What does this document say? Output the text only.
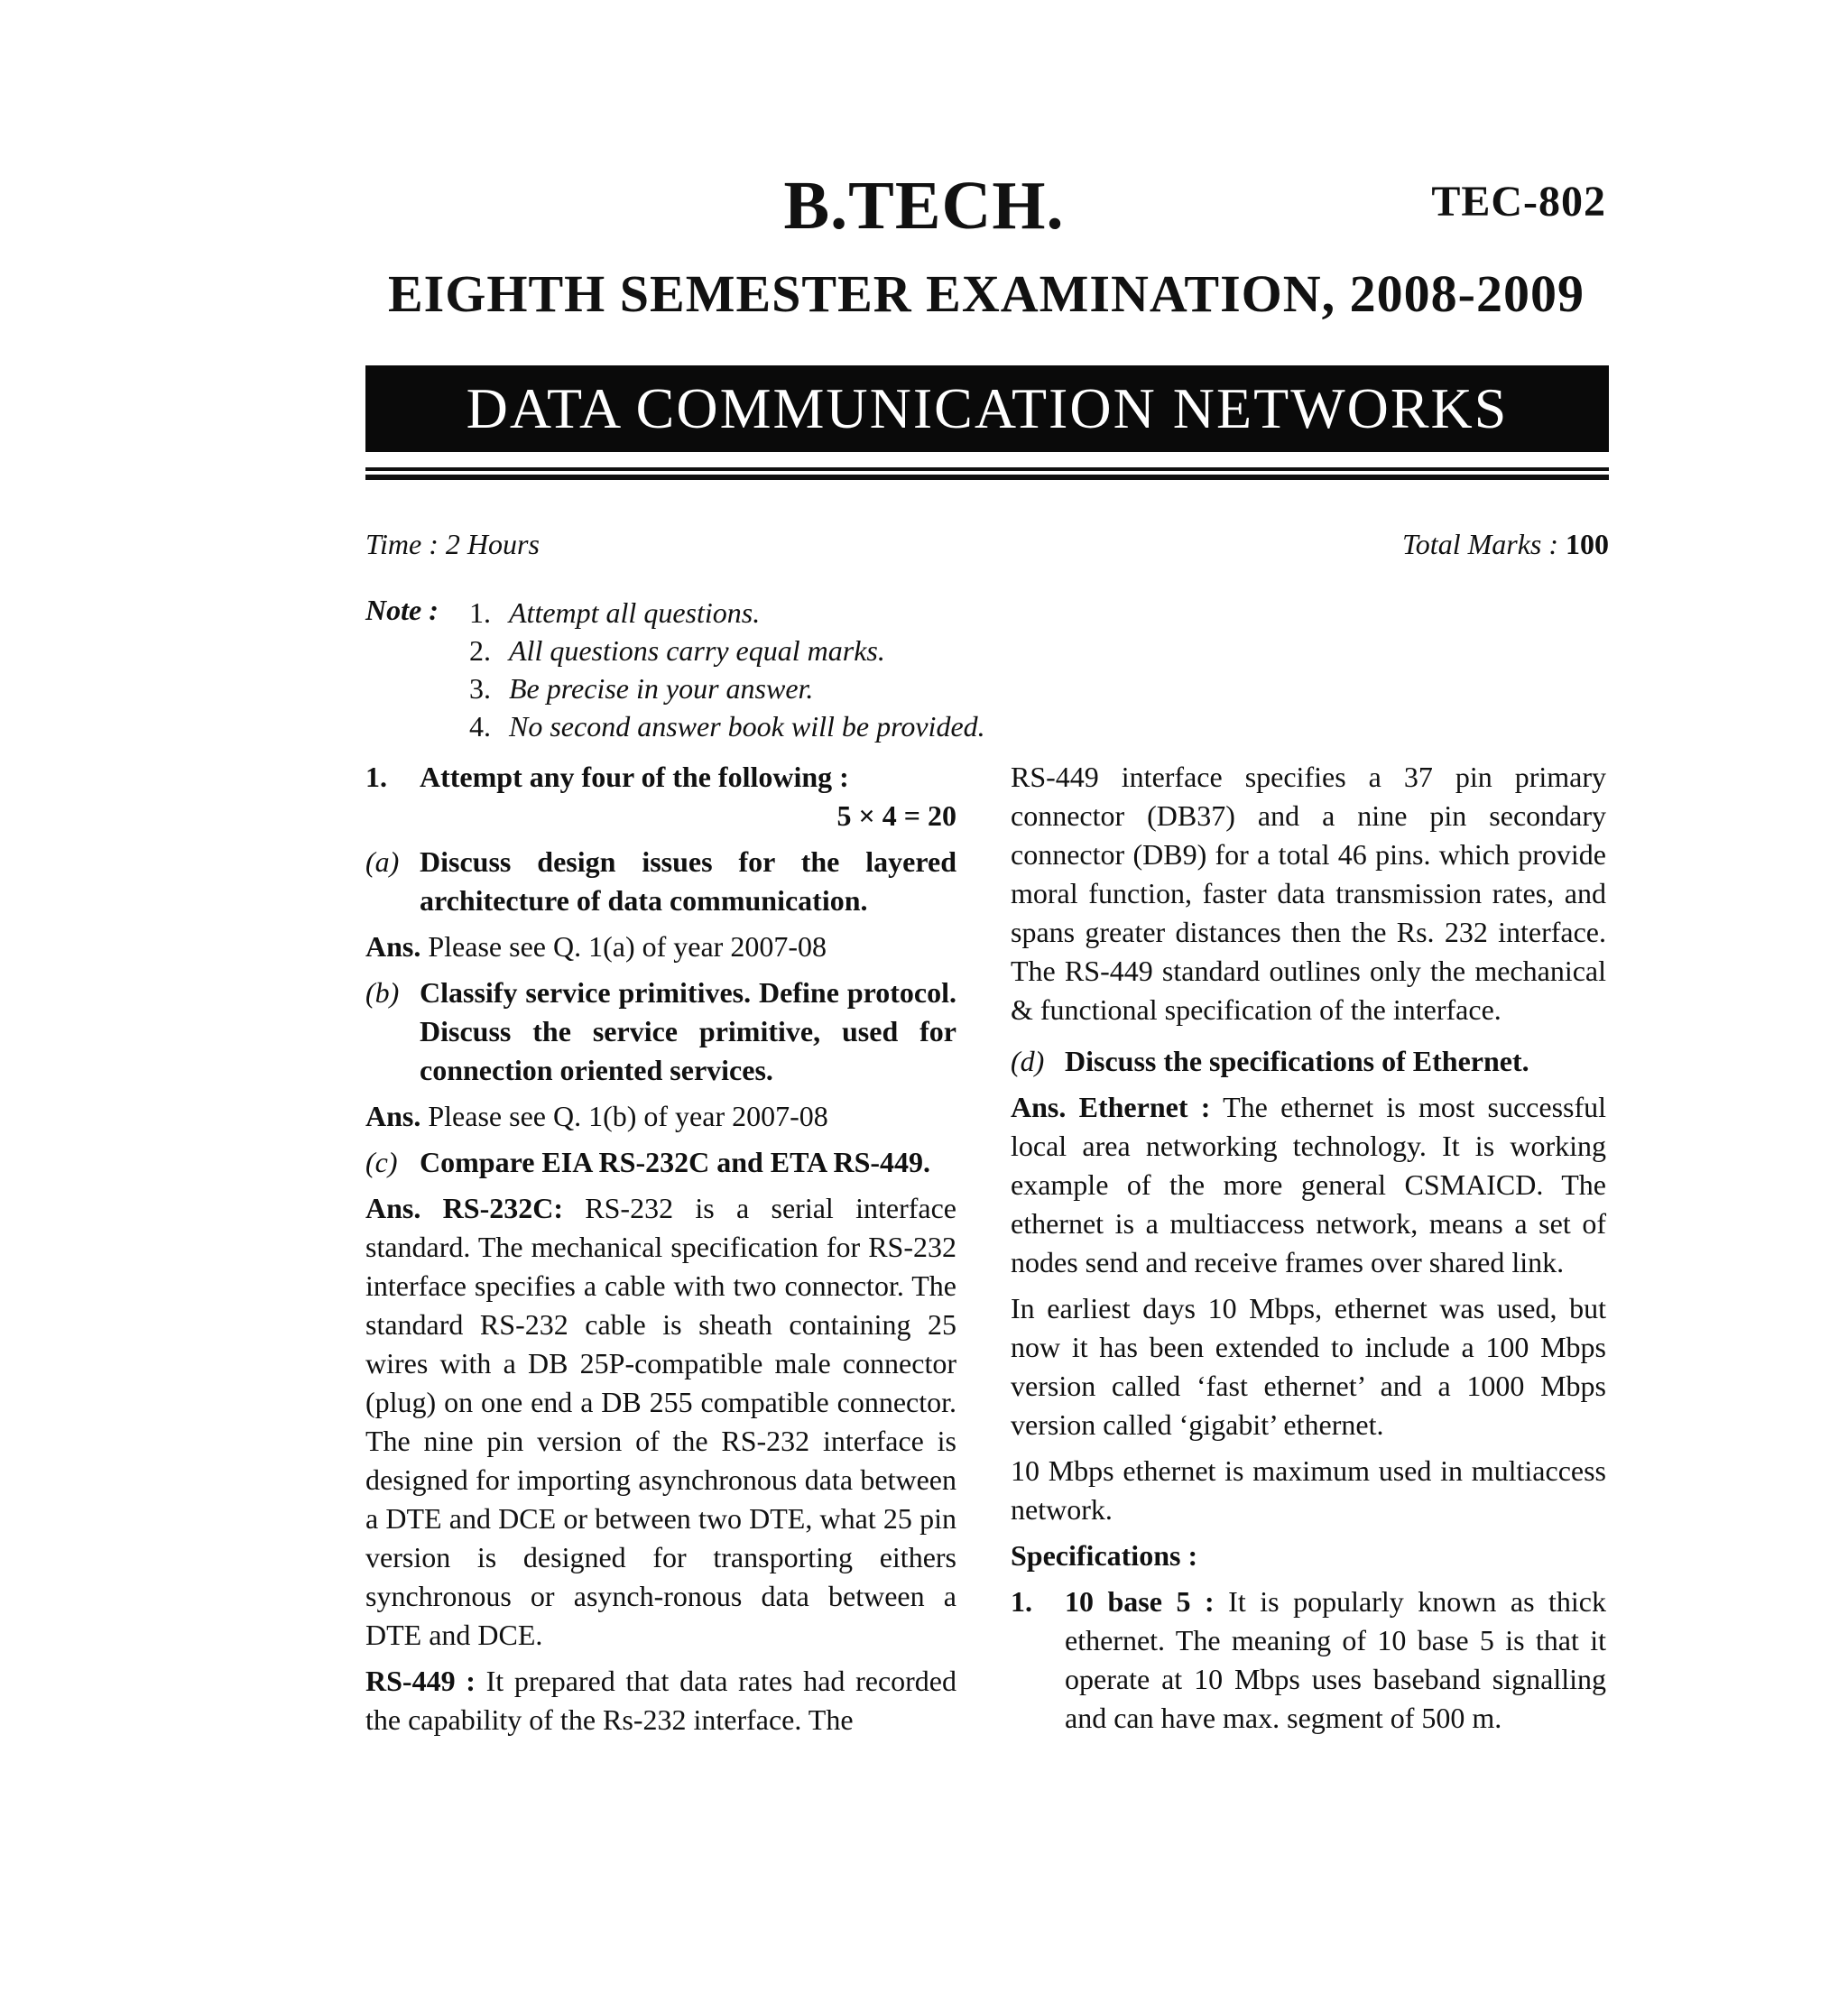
B.TECH.	TEC-802
EIGHTH SEMESTER EXAMINATION, 2008-2009
DATA COMMUNICATION NETWORKS
Time : 2 Hours	Total Marks : 100
Note : 1. Attempt all questions.
2. All questions carry equal marks.
3. Be precise in your answer.
4. No second answer book will be provided.
1.	Attempt any four of the following :
5 × 4 = 20
(a) Discuss design issues for the layered architecture of data communication.
Ans. Please see Q. 1(a) of year 2007-08
(b) Classify service primitives. Define protocol. Discuss the service primitive, used for connection oriented services.
Ans. Please see Q. 1(b) of year 2007-08
(c) Compare EIA RS-232C and ETA RS-449.
Ans. RS-232C: RS-232 is a serial interface standard. The mechanical specification for RS-232 interface specifies a cable with two connector. The standard RS-232 cable is sheath containing 25 wires with a DB 25P-compatible male connector (plug) on one end a DB 255 compatible connector. The nine pin version of the RS-232 interface is designed for importing asynchronous data between a DTE and DCE or between two DTE, what 25 pin version is designed for transporting eithers synchronous or asynch-ronous data between a DTE and DCE.
RS-449 : It prepared that data rates had recorded the capability of the Rs-232 interface. The
RS-449 interface specifies a 37 pin primary connector (DB37) and a nine pin secondary connector (DB9) for a total 46 pins. which provide moral function, faster data transmission rates, and spans greater distances then the Rs. 232 interface. The RS-449 standard outlines only the mechanical & functional specification of the interface.
(d) Discuss the specifications of Ethernet.
Ans. Ethernet : The ethernet is most successful local area networking technology. It is working example of the more general CSMAICD. The ethernet is a multiaccess network, means a set of nodes send and receive frames over shared link.
In earliest days 10 Mbps, ethernet was used, but now it has been extended to include a 100 Mbps version called ‘fast ethernet’ and a 1000 Mbps version called ‘gigabit’ ethernet.
10 Mbps ethernet is maximum used in multiaccess network.
Specifications :
1.	10 base 5 : It is popularly known as thick ethernet. The meaning of 10 base 5 is that it operate at 10 Mbps uses baseband signalling and can have max. segment of 500 m.
